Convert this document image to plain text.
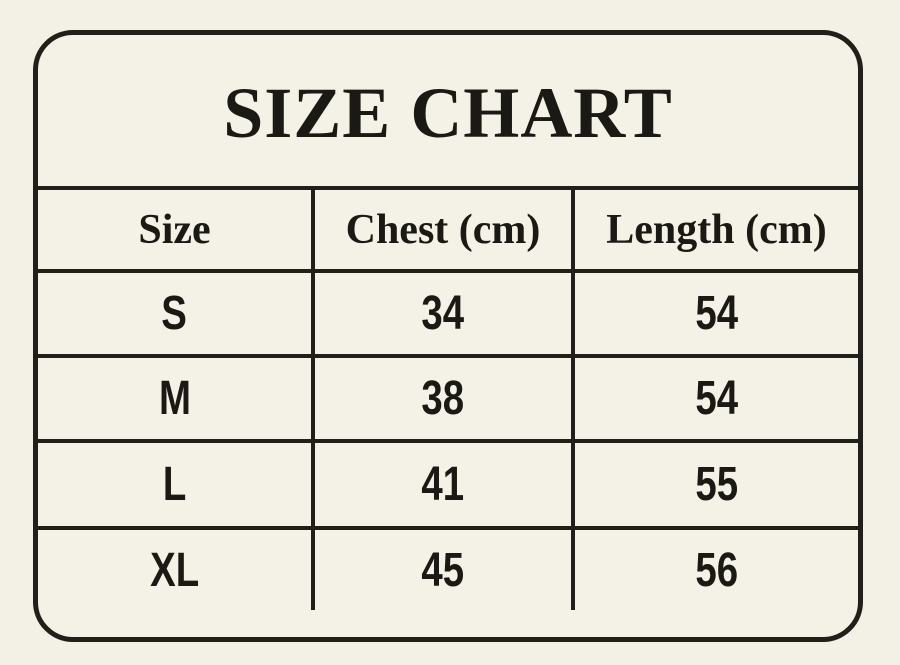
SIZE CHART
Size	Chest (cm)	Length (cm)
S	34	54
M	38	54
L	41	55
XL	45	56
